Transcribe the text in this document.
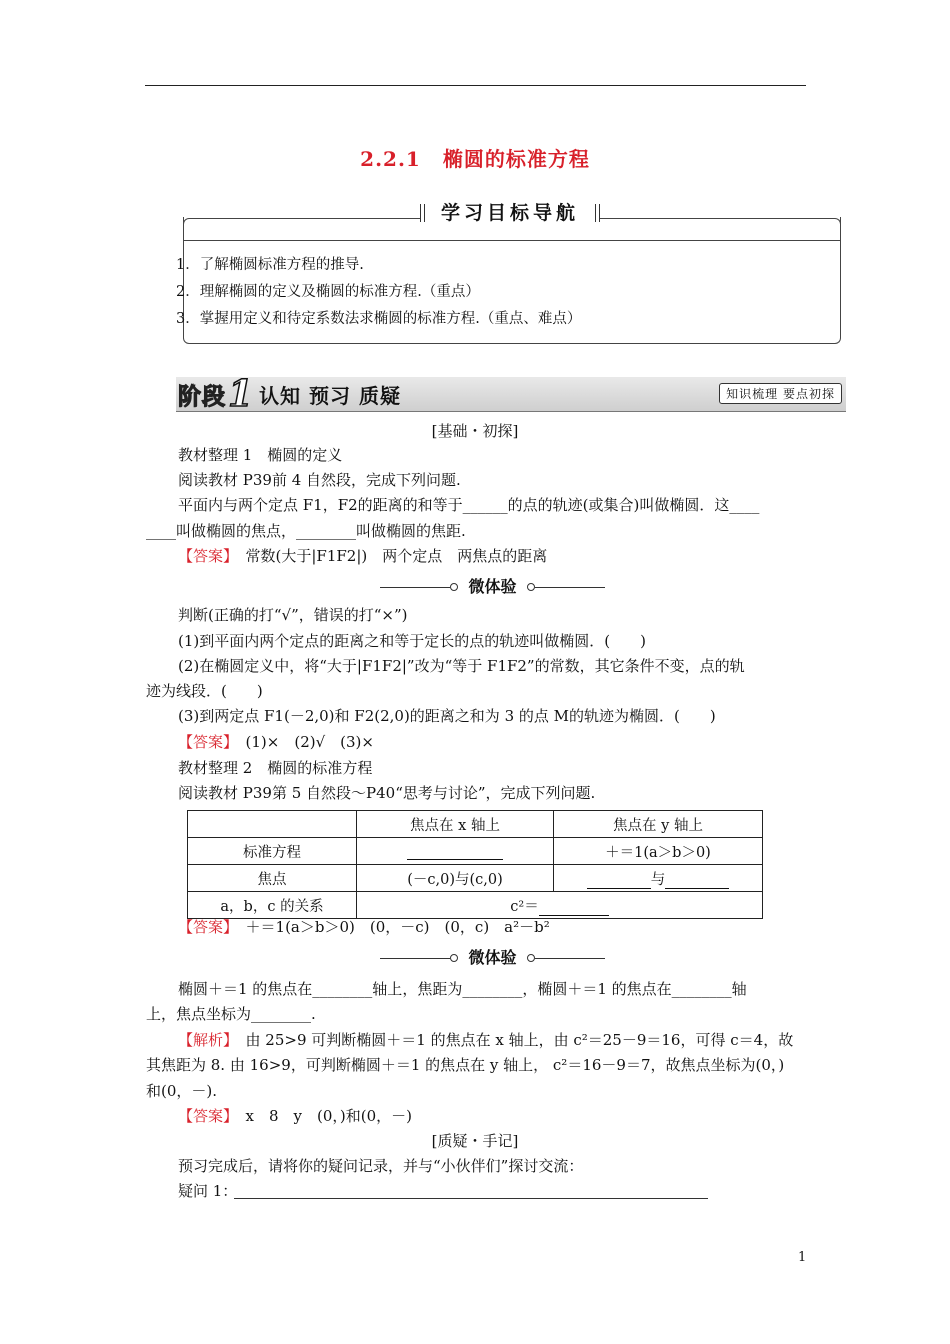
2.2.1 椭圆的标准方程
学习目标导航
1．了解椭圆标准方程的推导.
2．理解椭圆的定义及椭圆的标准方程.（重点）
3．掌握用定义和待定系数法求椭圆的标准方程.（重点、难点）
阶段 1 认知 预习 质疑	知识梳理 要点初探
[基础・初探]
教材整理 1　椭圆的定义
阅读教材 P39前 4 自然段，完成下列问题.
平面内与两个定点 F1，F2的距离的和等于______的点的轨迹(或集合)叫做椭圆．这____
____叫做椭圆的焦点，________叫做椭圆的焦距.
【答案】　 常数(大于|F1F2|)　两个定点　两焦点的距离
微体验
判断(正确的打“√”，错误的打“×”)
(1)到平面内两个定点的距离之和等于定长的点的轨迹叫做椭圆．(　　)
(2)在椭圆定义中，将“大于|F1F2|”改为“等于 F1F2”的常数，其它条件不变，点的轨
迹为线段．(　　)
(3)到两定点 F1(－2,0)和 F2(2,0)的距离之和为 3 的点 M的轨迹为椭圆．(　　)
【答案】　 (1)×　(2)√　(3)×
教材整理 2　椭圆的标准方程
阅读教材 P39第 5 自然段～P40“思考与讨论”，完成下列问题.
	焦点在 x 轴上	焦点在 y 轴上
标准方程		＋＝1(a＞b＞0)
焦点	(－c,0)与(c,0)	与
a，b，c 的关系	c²＝	
【答案】　 ＋＝1(a＞b＞0)　(0，－c)　(0，c)　a²－b²
微体验
椭圆＋＝1 的焦点在________轴上，焦距为________，椭圆＋＝1 的焦点在________轴
上，焦点坐标为________.
【解析】　 由 25>9 可判断椭圆＋＝1 的焦点在 x 轴上，由 c²＝25－9＝16，可得 c＝4，故
其焦距为 8. 由 16>9，可判断椭圆＋＝1 的焦点在 y 轴上， c²＝16－9＝7，故焦点坐标为(0，)
和(0，－).
【答案】　 x　8　y　(0，)和(0，－)
[质疑・手记]
预习完成后，请将你的疑问记录，并与“小伙伴们”探讨交流：
疑问 1：
1
